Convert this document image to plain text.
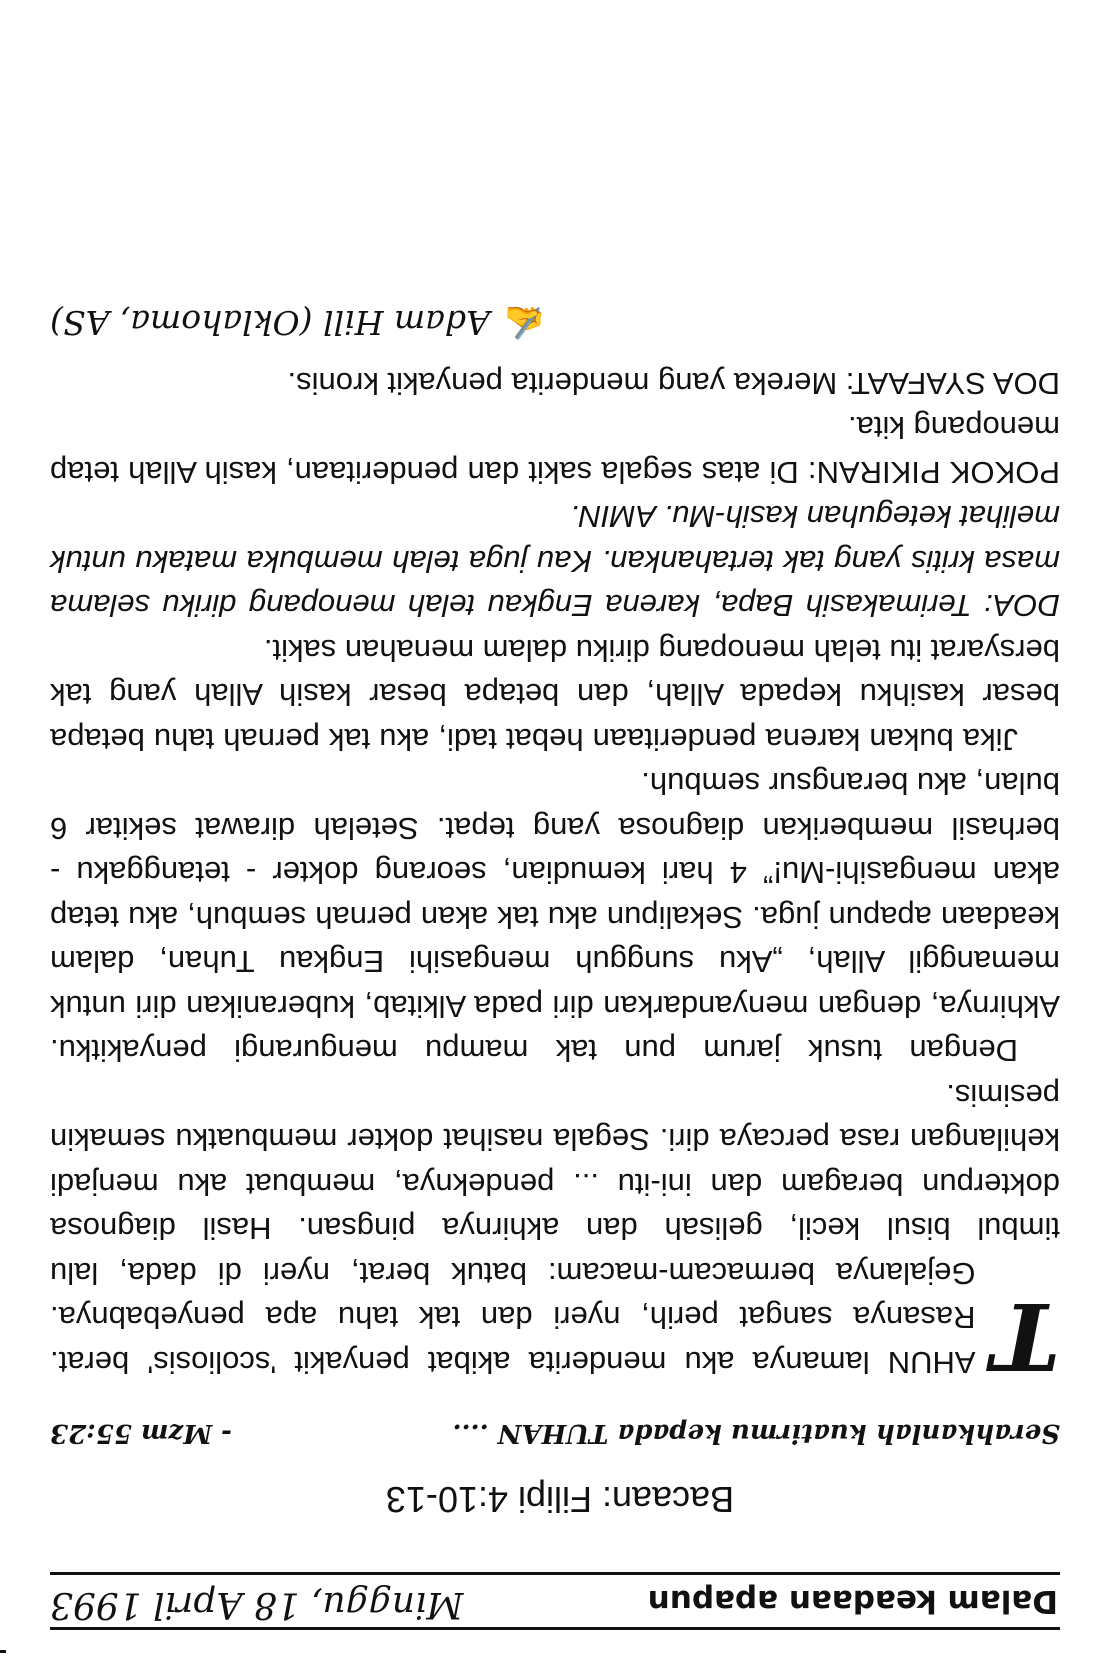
Dalam keadaan apapun
Minggu, 18 April 1993
Bacaan: Filipi 4:10-13
Serahkanlah kuatirmu kepada TUHAN ....
- Mzm 55:23

T
AHUN lamanya aku menderita akibat penyakit 'scoliosis' berat. Rasanya sangat perih, nyeri dan tak tahu apa penyebabnya. Gejalanya bermacam-macam: batuk berat, nyeri di dada, lalu timbul bisul kecil, gelisah dan akhirnya pingsan. Hasil diagnosa dokterpun beragam dan ini-itu ... pendeknya, membuat aku menjadi kehilangan rasa percaya diri. Segala nasihat dokter membuatku semakin pesimis.

Dengan tusuk jarum pun tak mampu mengurangi penyakitku. Akhirnya, dengan menyandarkan diri pada Alkitab, kuberanikan diri untuk memanggil Allah, „Aku sungguh mengasihi Engkau Tuhan, dalam keadaan apapun juga. Sekalipun aku tak akan pernah sembuh, aku tetap akan mengasihi-Mu!” 4 hari kemudian, seorang dokter - tetanggaku - berhasil memberikan diagnosa yang tepat. Setelah dirawat sekitar 6 bulan, aku berangsur sembuh.

Jika bukan karena penderitaan hebat tadi, aku tak pernah tahu betapa besar kasihku kepada Allah, dan betapa besar kasih Allah yang tak bersyarat itu telah menopang diriku dalam menahan sakit.

DOA: Terimakasih Bapa, karena Engkau telah menopang diriku selama masa kritis yang tak tertahankan. Kau juga telah membuka mataku untuk melihat keteguhan kasih-Mu. AMIN.

POKOK PIKIRAN: Di atas segala sakit dan penderitaan, kasih Allah tetap menopang kita.

DOA SYAFAAT: Mereka yang menderita penyakit kronis.

✍Adam Hill (Oklahoma, AS)
